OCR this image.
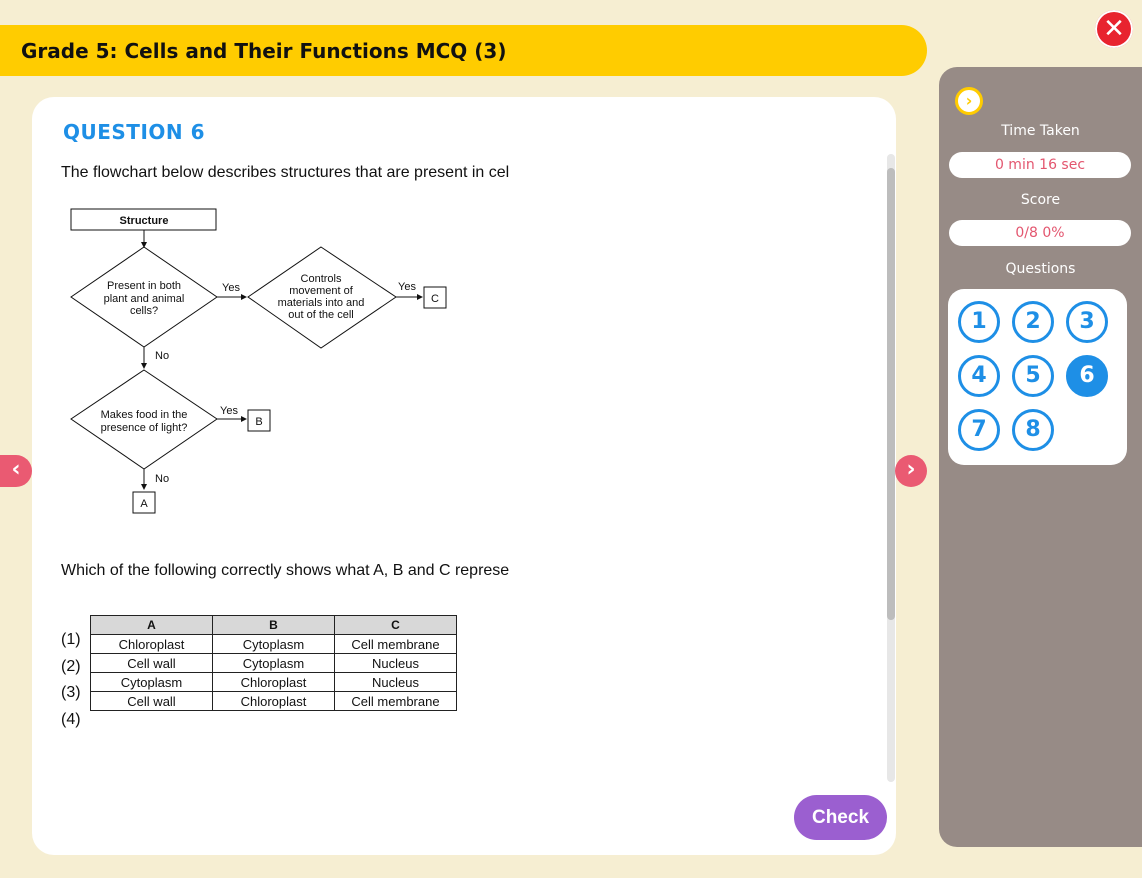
Grade 5: Cells and Their Functions MCQ (3)
✕
QUESTION 6
The flowchart below describes structures that are present in cel
Structure
Present in both
plant and animal
cells?
Yes
Controls
movement of
materials into and
out of the cell
Yes
C
No
Makes food in the
presence of light?
Yes
B
No
A
Which of the following correctly shows what A, B and C represe
(1)
(2)
(3)
(4)
A	B	C
Chloroplast	Cytoplasm	Cell membrane
Cell wall	Cytoplasm	Nucleus
Cytoplasm	Chloroplast	Nucleus
Cell wall	Chloroplast	Cell membrane
Check
‹	›
›
Time Taken
0 min 16 sec
Score
0/8 0%
Questions
1	2	3
4	5	6
7	8
